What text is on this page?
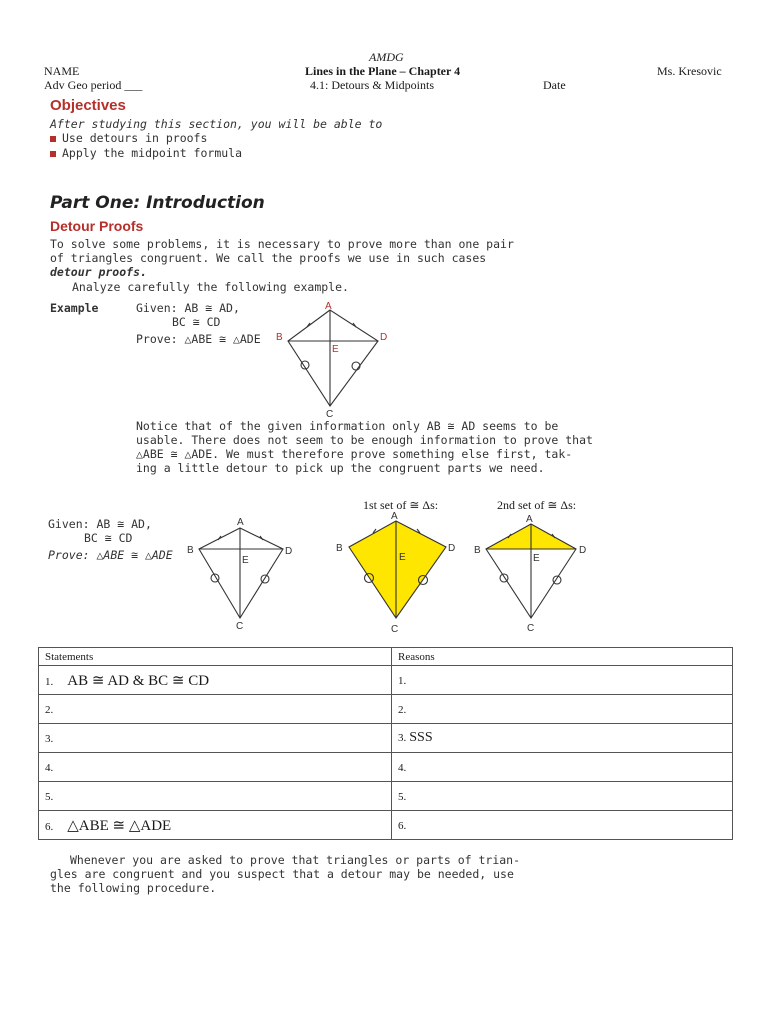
AMDG
NAME
Adv Geo period ___
Lines in the Plane – Chapter 4
4.1: Detours & Midpoints
Ms. Kresovic
Date
Objectives
After studying this section, you will be able to
Use detours in proofs
Apply the midpoint formula
Part One: Introduction
Detour Proofs
To solve some problems, it is necessary to prove more than one pair
of triangles congruent. We call the proofs we use in such cases
detour proofs.
Analyze carefully the following example.
Example	Given: AB ≅ AD,
BC ≅ CD
Prove: △ABE ≅ △ADE
A
B	D
E
C
Notice that of the given information only AB ≅ AD seems to be
usable. There does not seem to be enough information to prove that
△ABE ≅ △ADE. We must therefore prove something else first, tak-
ing a little detour to pick up the congruent parts we need.
1st set of ≅ Δs:	2nd set of ≅ Δs:
Given: AB ≅ AD,
BC ≅ CD
Prove: △ABE ≅ △ADE
A
B	D
E
C
A
B	D
E
C
A
B	D
E
C
Statements	Reasons
1. AB ≅ AD & BC ≅ CD	1.
2.	2.
3.	3. SSS
4.	4.
5.	5.
6. △ABE ≅ △ADE	6.
Whenever you are asked to prove that triangles or parts of trian-
gles are congruent and you suspect that a detour may be needed, use
the following procedure.
